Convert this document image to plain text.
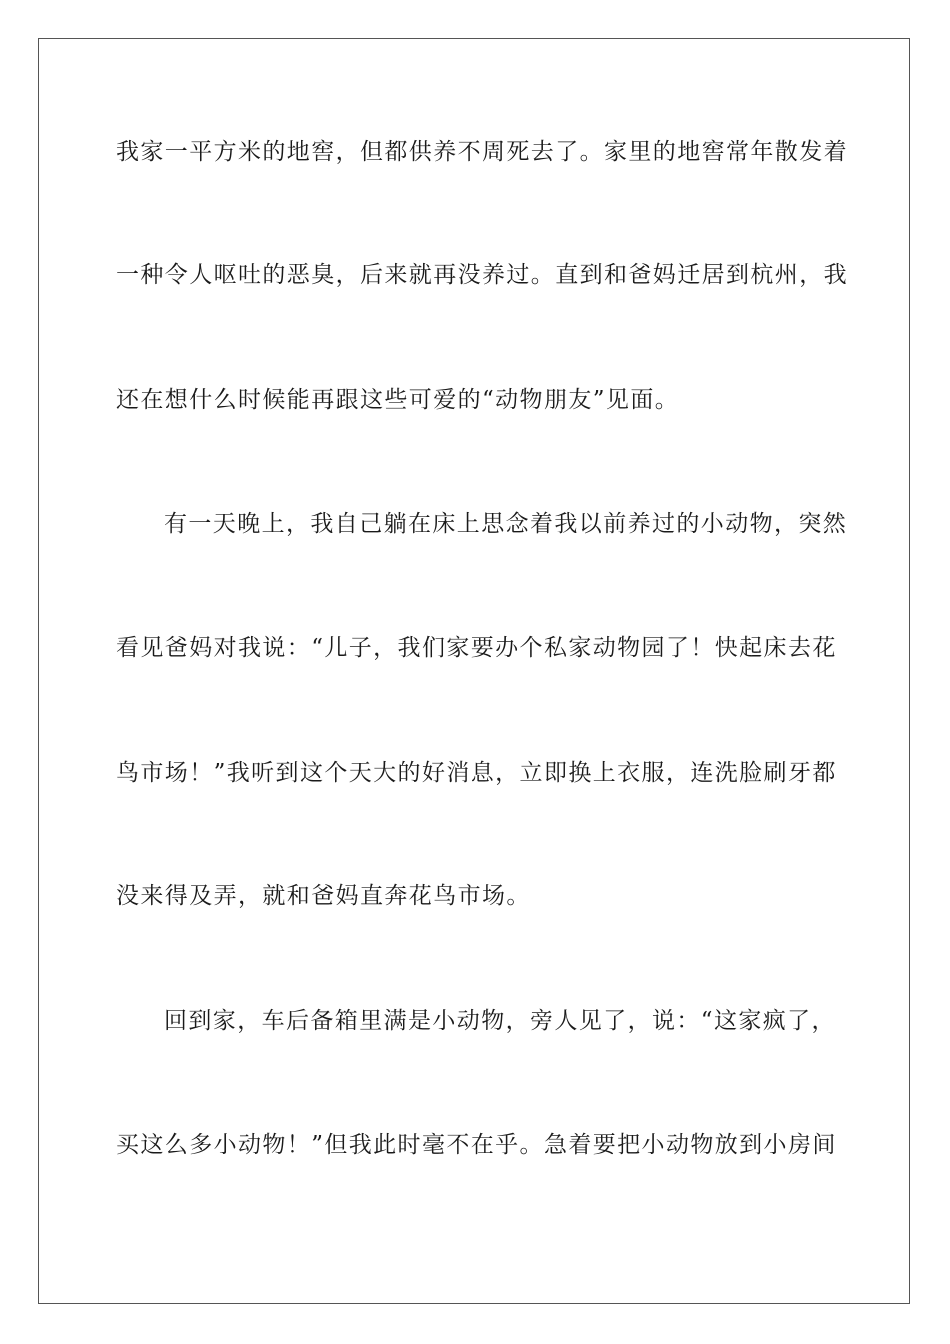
我家一平方米的地窖，但都供养不周死去了。家里的地窖常年散发着
一种令人呕吐的恶臭，后来就再没养过。直到和爸妈迁居到杭州，我
还在想什么时候能再跟这些可爱的“动物朋友”见面。
有一天晚上，我自己躺在床上思念着我以前养过的小动物，突然
看见爸妈对我说：“儿子，我们家要办个私家动物园了！快起床去花
鸟市场！”我听到这个天大的好消息，立即换上衣服，连洗脸刷牙都
没来得及弄，就和爸妈直奔花鸟市场。
回到家，车后备箱里满是小动物，旁人见了，说：“这家疯了，
买这么多小动物！”但我此时毫不在乎。急着要把小动物放到小房间
